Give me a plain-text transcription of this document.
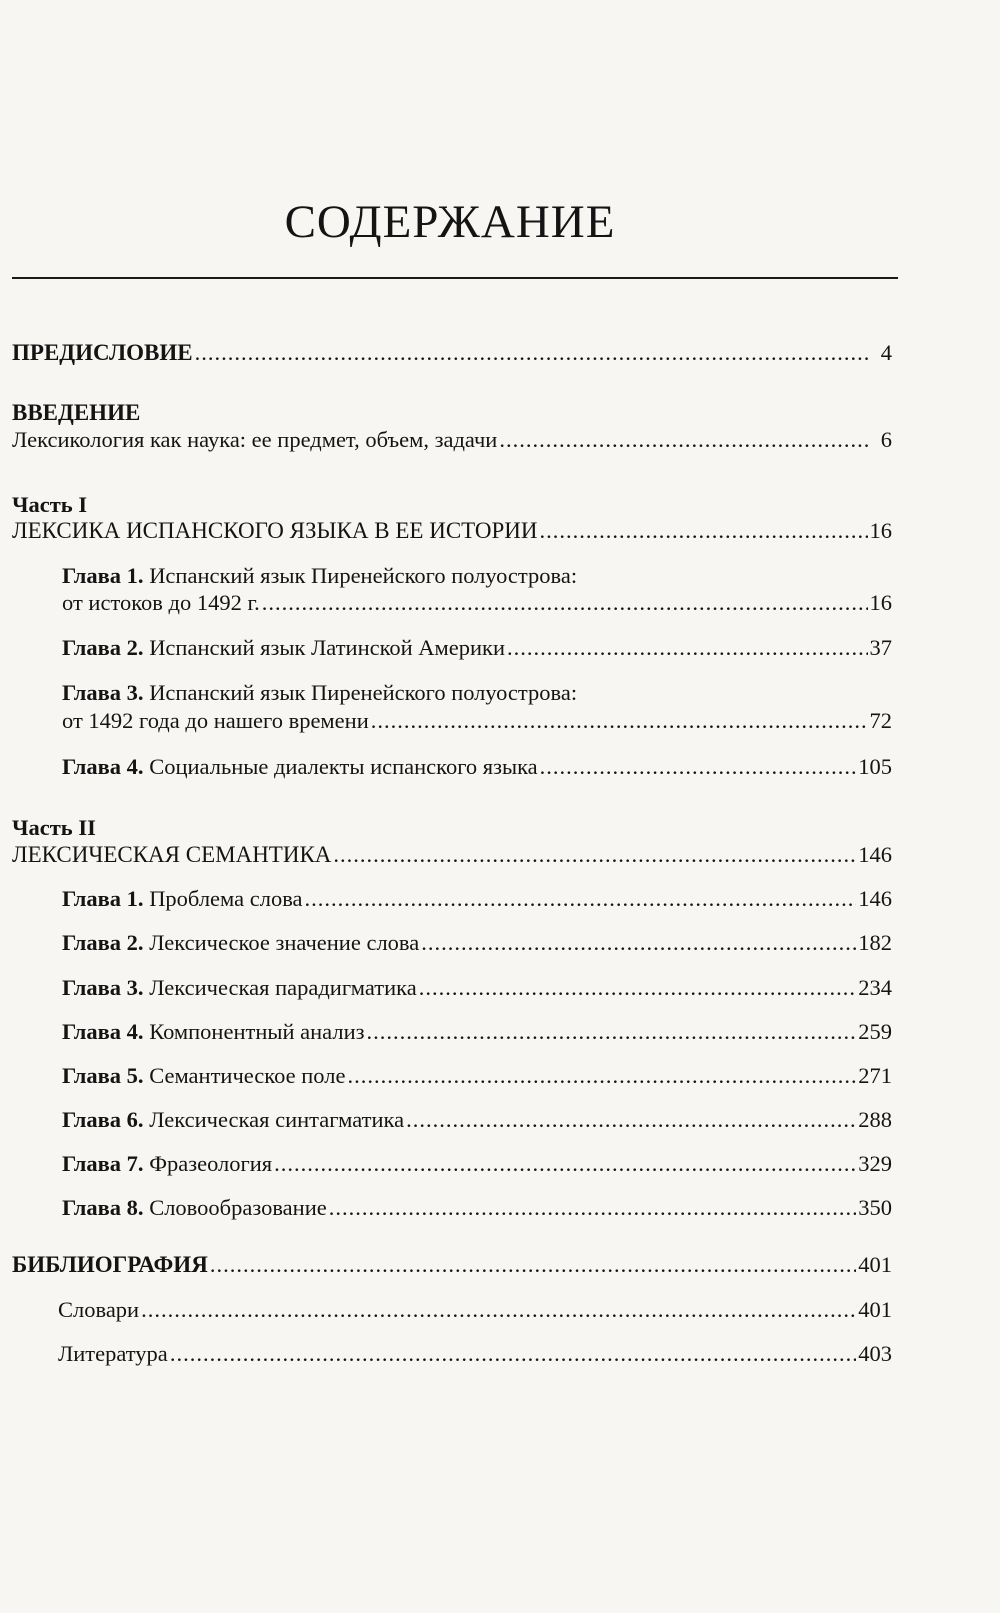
СОДЕРЖАНИЕ
ПРЕДИСЛОВИЕ .....	4
ВВЕДЕНИЕ
Лексикология как наука: ее предмет, объем, задачи .....	6
Часть I
ЛЕКСИКА ИСПАНСКОГО ЯЗЫКА В ЕЕ ИСТОРИИ .....	16
Глава 1. Испанский язык Пиренейского полуострова:
от истоков до 1492 г. .....	16
Глава 2. Испанский язык Латинской Америки .....	37
Глава 3. Испанский язык Пиренейского полуострова:
от 1492 года до нашего времени .....	72
Глава 4. Социальные диалекты испанского языка .....	105
Часть II
ЛЕКСИЧЕСКАЯ СЕМАНТИКА .....	146
Глава 1. Проблема слова .....	146
Глава 2. Лексическое значение слова .....	182
Глава 3. Лексическая парадигматика .....	234
Глава 4. Компонентный анализ .....	259
Глава 5. Семантическое поле .....	271
Глава 6. Лексическая синтагматика .....	288
Глава 7. Фразеология .....	329
Глава 8. Словообразование .....	350
БИБЛИОГРАФИЯ .....	401
Словари .....	401
Литература .....	403
